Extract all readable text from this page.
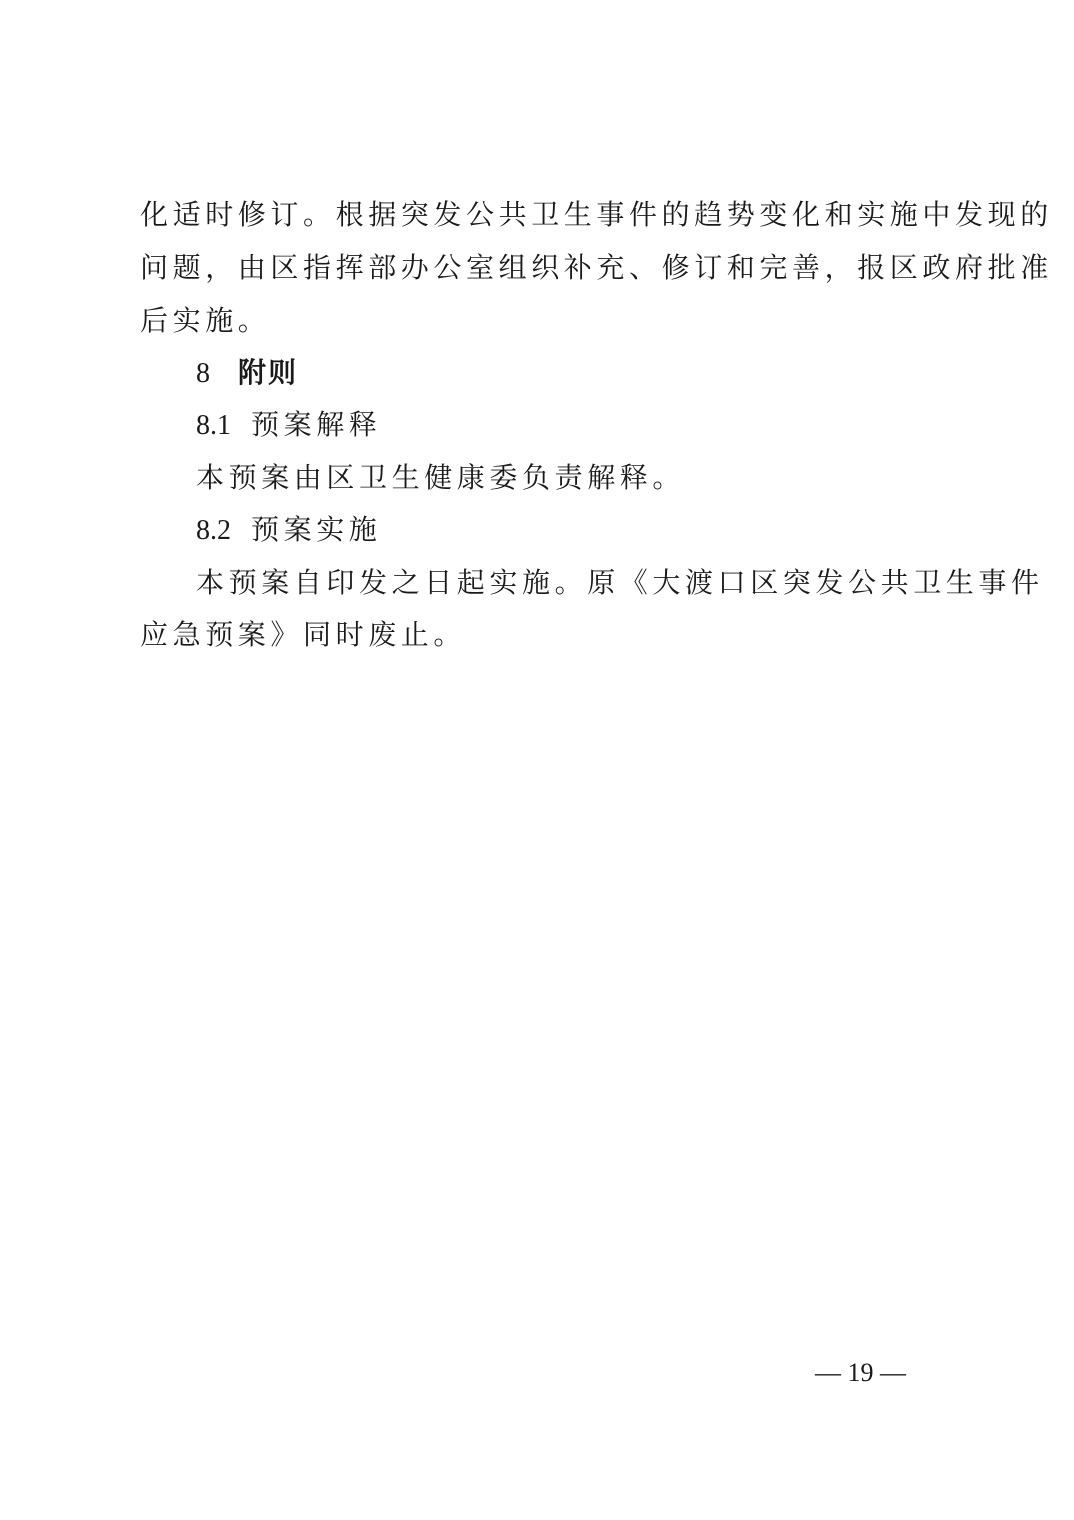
化适时修订。根据突发公共卫生事件的趋势变化和实施中发现的
问题，由区指挥部办公室组织补充、修订和完善，报区政府批准
后实施。
8 附则
8.1 预案解释
本预案由区卫生健康委负责解释。
8.2 预案实施
本预案自印发之日起实施。原《大渡口区突发公共卫生事件
应急预案》同时废止。
— 19 —
